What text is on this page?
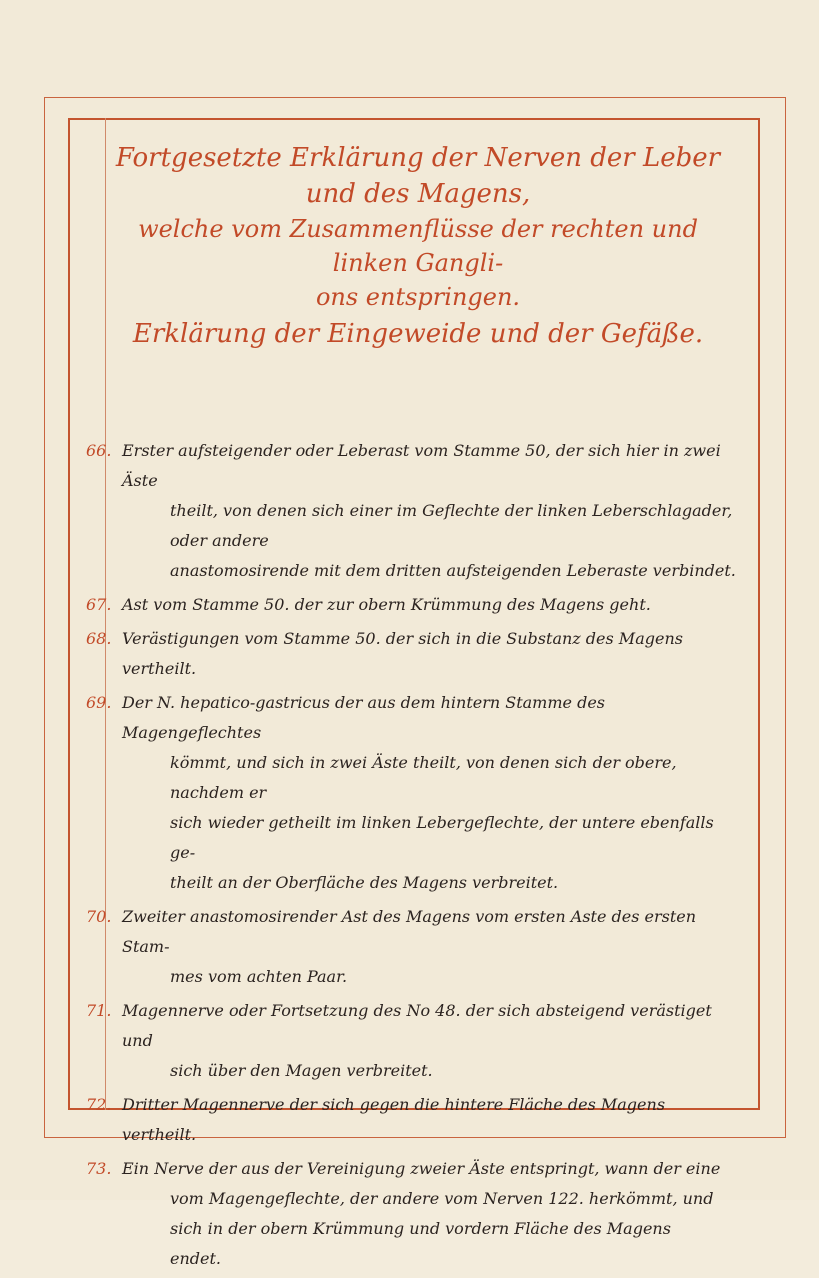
Fortgesetzte Erklärung der Nerven der Leber und des Magens,
welche vom Zusammenflüsse der rechten und linken Gangli-
ons entspringen.
Erklärung der Eingeweide und der Gefäße.
66. Erster aufsteigender oder Leberast vom Stamme 50, der sich hier in zwei Äste
theilt, von denen sich einer im Geflechte der linken Leberschlagader, oder andere
anastomosirende mit dem dritten aufsteigenden Leberaste verbindet.
67. Ast vom Stamme 50. der zur obern Krümmung des Magens geht.
68. Verästigungen vom Stamme 50. der sich in die Substanz des Magens vertheilt.
69. Der N. hepatico-gastricus der aus dem hintern Stamme des Magengeflechtes
kömmt, und sich in zwei Äste theilt, von denen sich der obere, nachdem er
sich wieder getheilt im linken Lebergeflechte, der untere ebenfalls ge-
theilt an der Oberfläche des Magens verbreitet.
70. Zweiter anastomosirender Ast des Magens vom ersten Aste des ersten Stam-
mes vom achten Paar.
71. Magennerve oder Fortsetzung des No 48. der sich absteigend verästiget und
sich über den Magen verbreitet.
72. Dritter Magennerve der sich gegen die hintere Fläche des Magens vertheilt.
73. Ein Nerve der aus der Vereinigung zweier Äste entspringt, wann der eine
vom Magengeflechte, der andere vom Nerven 122. herkömmt, und
sich in der obern Krümmung und vordern Fläche des Magens
endet.
